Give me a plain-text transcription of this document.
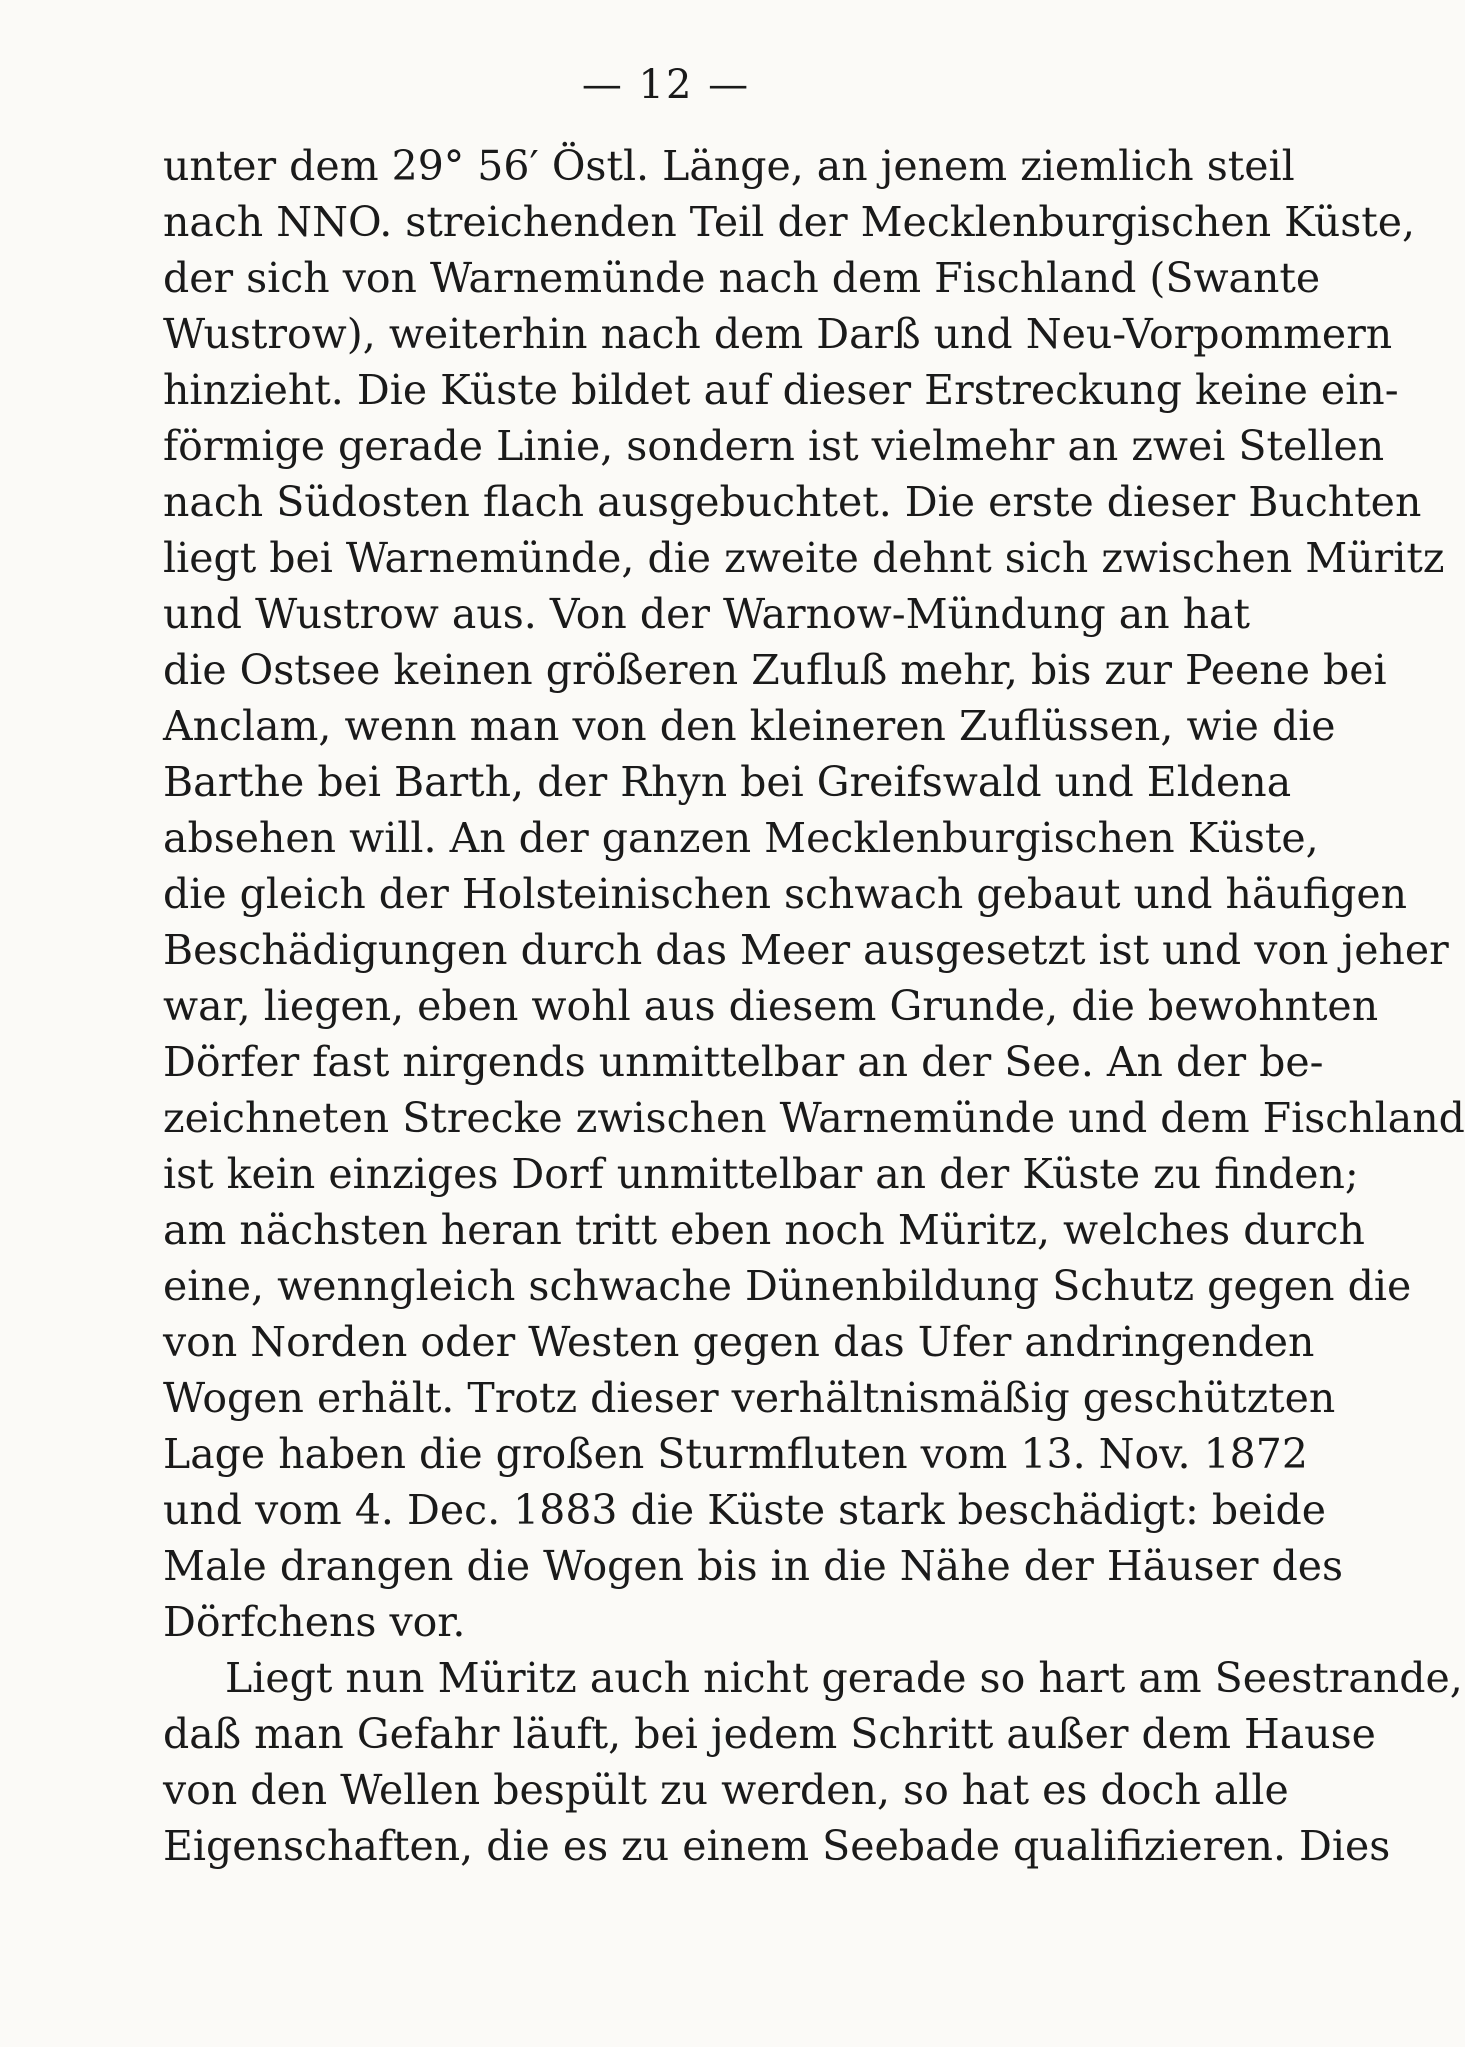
— 12 —
unter dem 29° 56′ Östl. Länge, an jenem ziemlich steil
nach NNO. streichenden Teil der Mecklenburgischen Küste,
der sich von Warnemünde nach dem Fischland (Swante
Wustrow), weiterhin nach dem Darß und Neu-Vorpommern
hinzieht. Die Küste bildet auf dieser Erstreckung keine ein-
förmige gerade Linie, sondern ist vielmehr an zwei Stellen
nach Südosten flach ausgebuchtet. Die erste dieser Buchten
liegt bei Warnemünde, die zweite dehnt sich zwischen Müritz
und Wustrow aus. Von der Warnow-Mündung an hat
die Ostsee keinen größeren Zufluß mehr, bis zur Peene bei
Anclam, wenn man von den kleineren Zuflüssen, wie die
Barthe bei Barth, der Rhyn bei Greifswald und Eldena
absehen will. An der ganzen Mecklenburgischen Küste,
die gleich der Holsteinischen schwach gebaut und häufigen
Beschädigungen durch das Meer ausgesetzt ist und von jeher
war, liegen, eben wohl aus diesem Grunde, die bewohnten
Dörfer fast nirgends unmittelbar an der See. An der be-
zeichneten Strecke zwischen Warnemünde und dem Fischland
ist kein einziges Dorf unmittelbar an der Küste zu finden;
am nächsten heran tritt eben noch Müritz, welches durch
eine, wenngleich schwache Dünenbildung Schutz gegen die
von Norden oder Westen gegen das Ufer andringenden
Wogen erhält. Trotz dieser verhältnismäßig geschützten
Lage haben die großen Sturmfluten vom 13. Nov. 1872
und vom 4. Dec. 1883 die Küste stark beschädigt: beide
Male drangen die Wogen bis in die Nähe der Häuser des
Dörfchens vor.
Liegt nun Müritz auch nicht gerade so hart am Seestrande,
daß man Gefahr läuft, bei jedem Schritt außer dem Hause
von den Wellen bespült zu werden, so hat es doch alle
Eigenschaften, die es zu einem Seebade qualifizieren. Dies
